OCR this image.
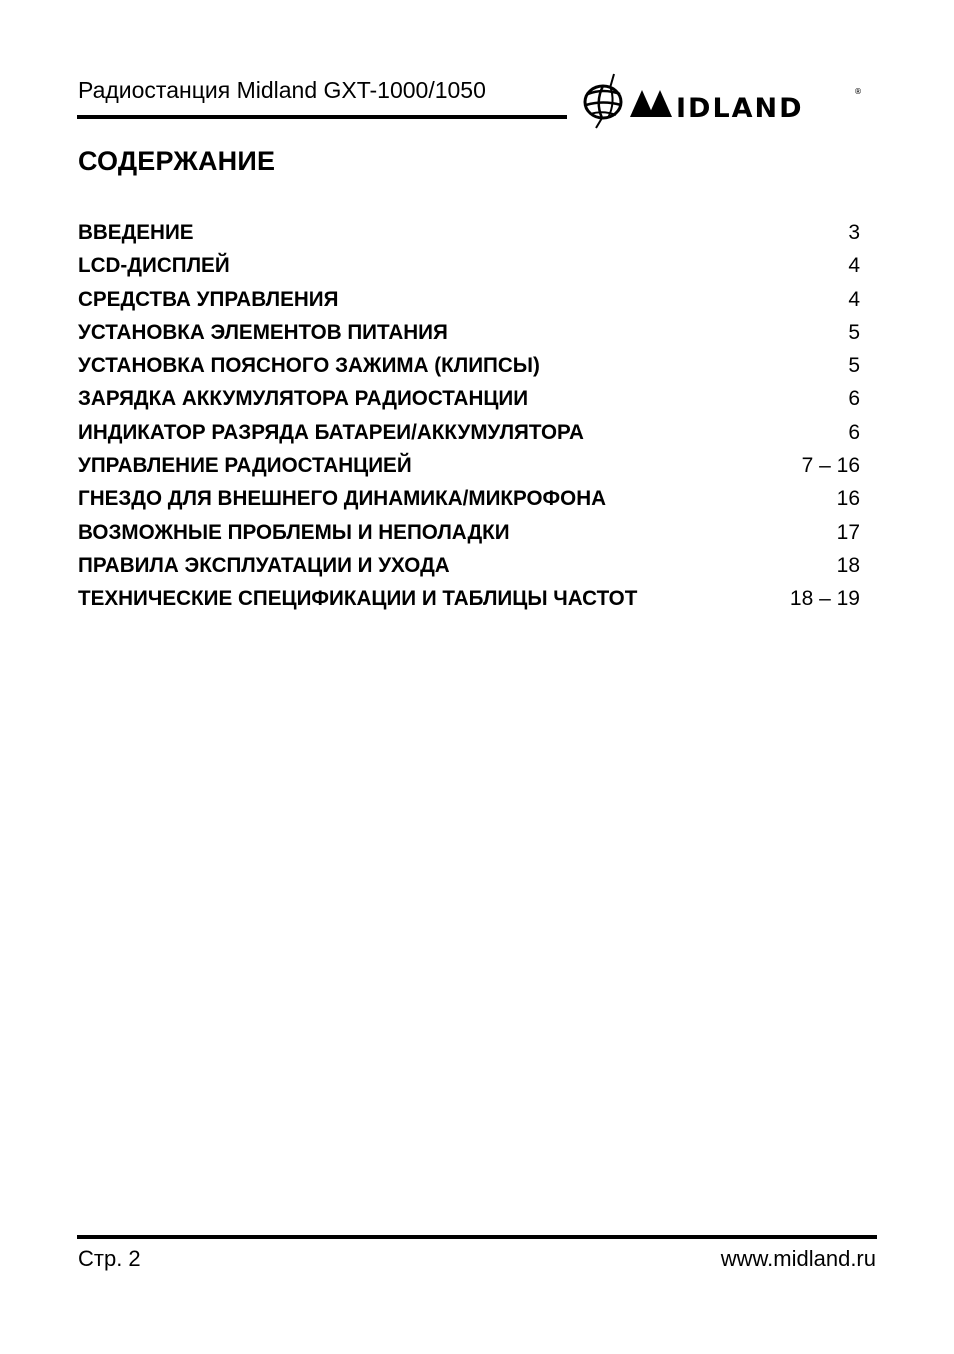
Радиостанция Midland GXT-1000/1050
IDLAND
®
СОДЕРЖАНИЕ
ВВЕДЕНИЕ	3
LCD-ДИСПЛЕЙ	4
СРЕДСТВА УПРАВЛЕНИЯ	4
УСТАНОВКА ЭЛЕМЕНТОВ ПИТАНИЯ	5
УСТАНОВКА ПОЯСНОГО ЗАЖИМА (КЛИПСЫ)	5
ЗАРЯДКА АККУМУЛЯТОРА РАДИОСТАНЦИИ	6
ИНДИКАТОР РАЗРЯДА БАТАРЕИ/АККУМУЛЯТОРА	6
УПРАВЛЕНИЕ РАДИОСТАНЦИЕЙ	7 – 16
ГНЕЗДО ДЛЯ ВНЕШНЕГО ДИНАМИКА/МИКРОФОНА	16
ВОЗМОЖНЫЕ ПРОБЛЕМЫ И НЕПОЛАДКИ	17
ПРАВИЛА ЭКСПЛУАТАЦИИ И УХОДА	18
ТЕХНИЧЕСКИЕ СПЕЦИФИКАЦИИ И ТАБЛИЦЫ ЧАСТОТ	18 – 19
Стр. 2	www.midland.ru
